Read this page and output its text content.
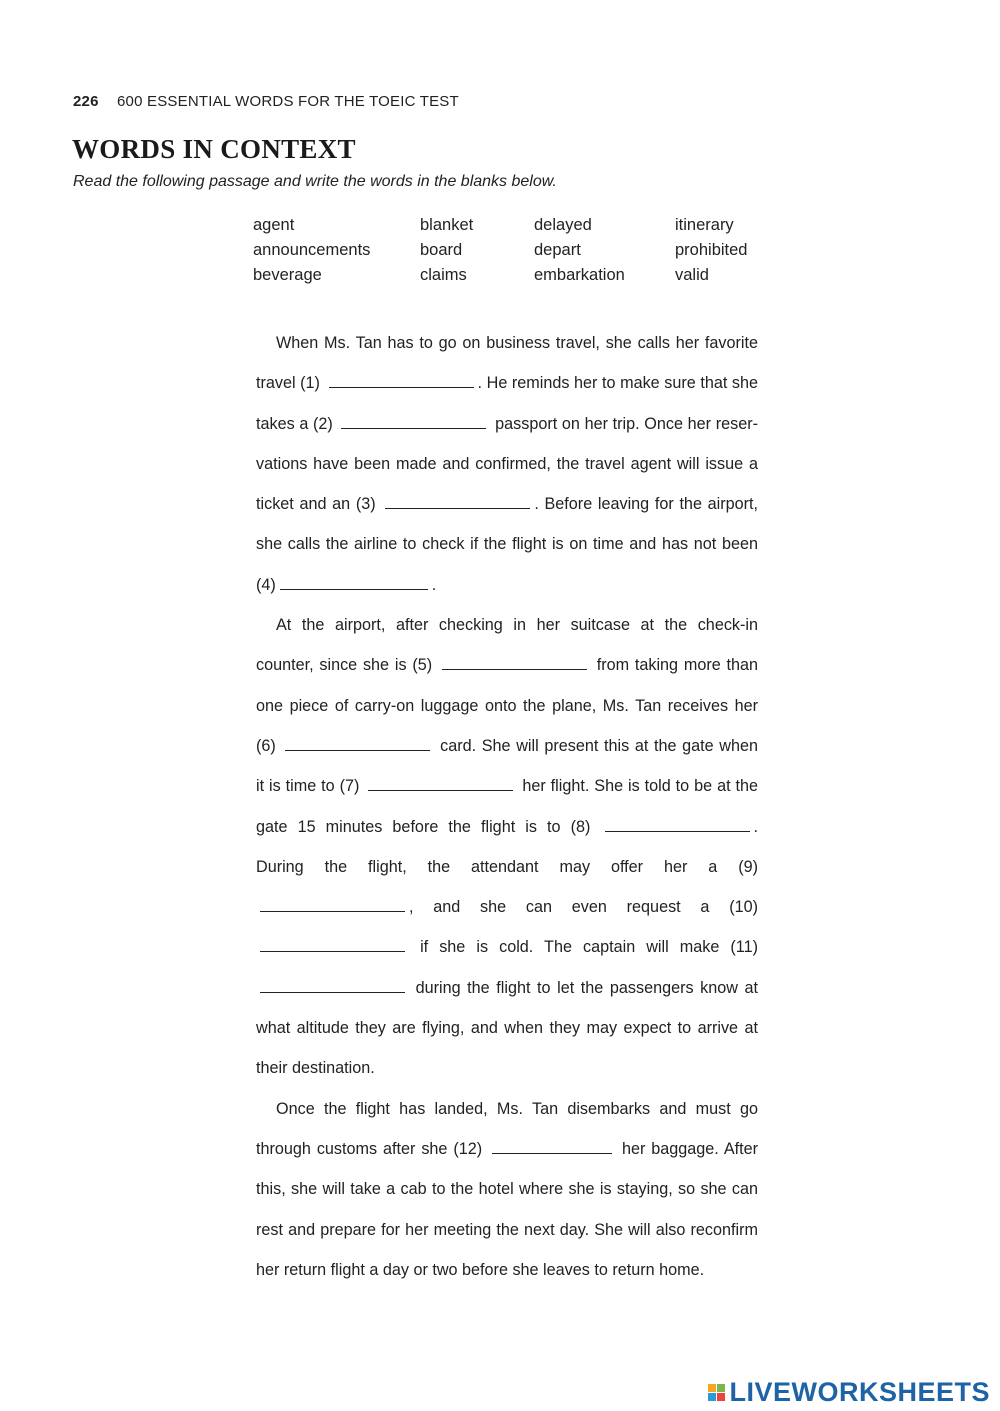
226 600 ESSENTIAL WORDS FOR THE TOEIC TEST
WORDS IN CONTEXT
Read the following passage and write the words in the blanks below.
agent	blanket	delayed	itinerary
announcements	board	depart	prohibited
beverage	claims	embarkation	valid

When Ms. Tan has to go on business travel, she calls her favorite travel (1)	. He reminds her to make sure that she takes a (2)	passport on her trip. Once her reser-vations have been made and confirmed, the travel agent will issue a ticket and an (3)	. Before leaving for the airport, she calls the airline to check if the flight is on time and has not been (4)	.

At the airport, after checking in her suitcase at the check-in counter, since she is (5)	from taking more than one piece of carry-on luggage onto the plane, Ms. Tan receives her (6)	card. She will present this at the gate when it is time to (7)	her flight. She is told to be at the gate 15 minutes before the flight is to (8)	. During the flight, the attendant may offer her a (9) , and she can even request a (10)  if she is cold. The captain will make (11)  during the flight to let the passengers know at what altitude they are flying, and when they may expect to arrive at their destination.

Once the flight has landed, Ms. Tan disembarks and must go through customs after she (12)	her baggage. After this, she will take a cab to the hotel where she is staying, so she can rest and prepare for her meeting the next day. She will also reconfirm her return flight a day or two before she leaves to return home.

LIVEWORKSHEETS
